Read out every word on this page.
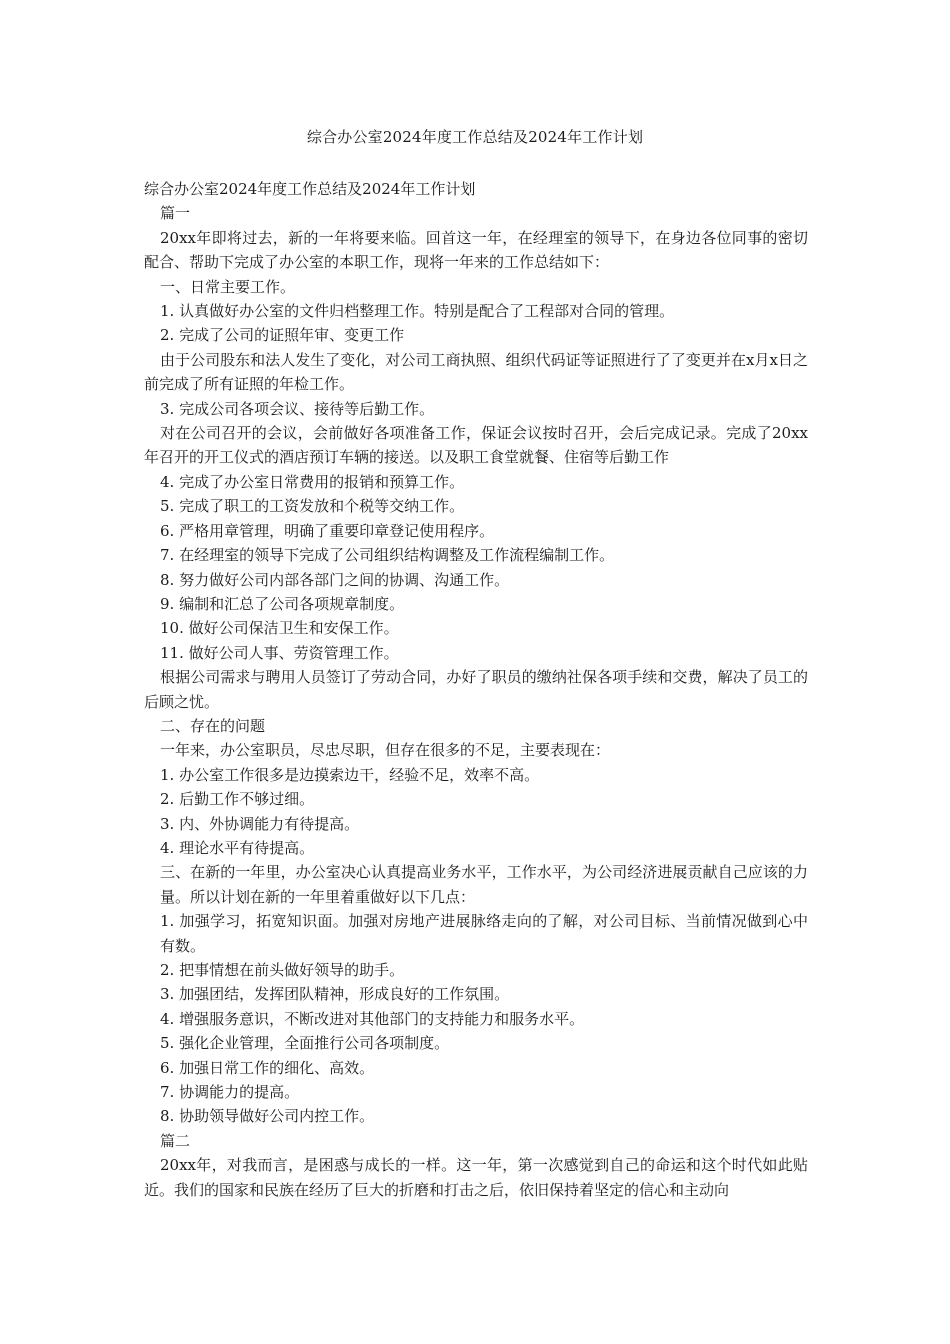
综合办公室2024年度工作总结及2024年工作计划

综合办公室2024年度工作总结及2024年工作计划

篇一

20xx年即将过去，新的一年将要来临。回首这一年，在经理室的领导下，在身边各位同事的密切配合、帮助下完成了办公室的本职工作，现将一年来的工作总结如下：

一、日常主要工作。

1. 认真做好办公室的文件归档整理工作。特别是配合了工程部对合同的管理。

2. 完成了公司的证照年审、变更工作

由于公司股东和法人发生了变化，对公司工商执照、组织代码证等证照进行了了变更并在x月x日之前完成了所有证照的年检工作。

3. 完成公司各项会议、接待等后勤工作。

对在公司召开的会议，会前做好各项准备工作，保证会议按时召开，会后完成记录。完成了20xx年召开的开工仪式的酒店预订车辆的接送。以及职工食堂就餐、住宿等后勤工作

4. 完成了办公室日常费用的报销和预算工作。

5. 完成了职工的工资发放和个税等交纳工作。

6. 严格用章管理，明确了重要印章登记使用程序。

7. 在经理室的领导下完成了公司组织结构调整及工作流程编制工作。

8. 努力做好公司内部各部门之间的协调、沟通工作。

9. 编制和汇总了公司各项规章制度。

10. 做好公司保洁卫生和安保工作。

11. 做好公司人事、劳资管理工作。

根据公司需求与聘用人员签订了劳动合同，办好了职员的缴纳社保各项手续和交费，解决了员工的后顾之忧。

二、存在的问题

一年来，办公室职员，尽忠尽职，但存在很多的不足，主要表现在：

1. 办公室工作很多是边摸索边干，经验不足，效率不高。

2. 后勤工作不够过细。

3. 内、外协调能力有待提高。

4. 理论水平有待提高。

三、在新的一年里，办公室决心认真提高业务水平，工作水平，为公司经济进展贡献自己应该的力量。所以计划在新的一年里着重做好以下几点：

1. 加强学习，拓宽知识面。加强对房地产进展脉络走向的了解，对公司目标、当前情况做到心中有数。

2. 把事情想在前头做好领导的助手。

3. 加强团结，发挥团队精神，形成良好的工作氛围。

4. 增强服务意识，不断改进对其他部门的支持能力和服务水平。

5. 强化企业管理，全面推行公司各项制度。

6. 加强日常工作的细化、高效。

7. 协调能力的提高。

8. 协助领导做好公司内控工作。

篇二

20xx年，对我而言，是困惑与成长的一样。这一年，第一次感觉到自己的命运和这个时代如此贴近。我们的国家和民族在经历了巨大的折磨和打击之后，依旧保持着坚定的信心和主动向
